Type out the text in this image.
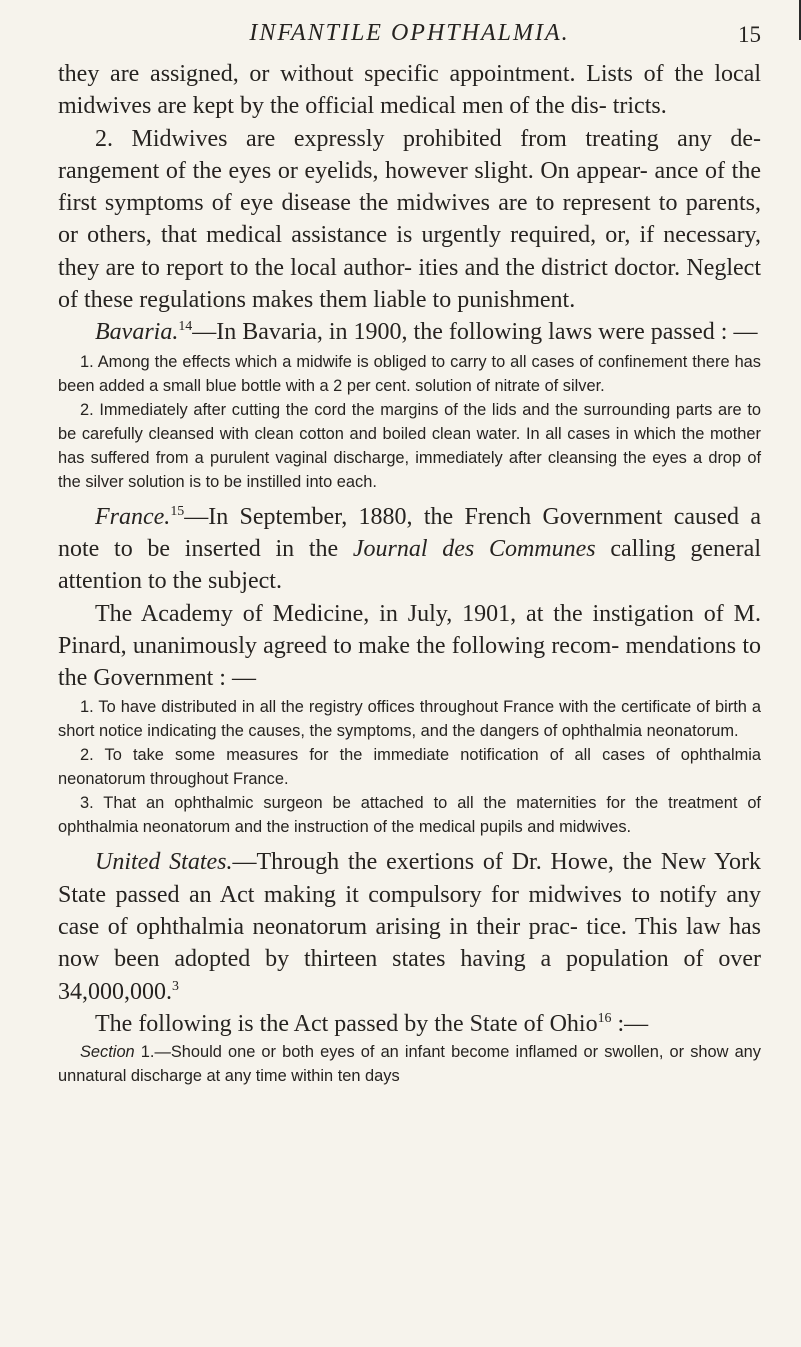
INFANTILE OPHTHALMIA.	15

they are assigned, or without specific appointment. Lists of the local midwives are kept by the official medical men of the dis- tricts.

2. Midwives are expressly prohibited from treating any de- rangement of the eyes or eyelids, however slight. On appear- ance of the first symptoms of eye disease the midwives are to represent to parents, or others, that medical assistance is urgently required, or, if necessary, they are to report to the local author- ities and the district doctor. Neglect of these regulations makes them liable to punishment.

Bavaria.$^{14}$—In Bavaria, in 1900, the following laws were passed : —

1. Among the effects which a midwife is obliged to carry to all cases of confinement there has been added a small blue bottle with a 2 per cent. solution of nitrate of silver.

2. Immediately after cutting the cord the margins of the lids and the surrounding parts are to be carefully cleansed with clean cotton and boiled clean water. In all cases in which the mother has suffered from a purulent vaginal discharge, immediately after cleansing the eyes a drop of the silver solution is to be instilled into each.

France.$^{15}$—In September, 1880, the French Government caused a note to be inserted in the Journal des Communes calling general attention to the subject.

The Academy of Medicine, in July, 1901, at the instigation of M. Pinard, unanimously agreed to make the following recom- mendations to the Government : —

1. To have distributed in all the registry offices throughout France with the certificate of birth a short notice indicating the causes, the symptoms, and the dangers of ophthalmia neonatorum.

2. To take some measures for the immediate notification of all cases of ophthalmia neonatorum throughout France.

3. That an ophthalmic surgeon be attached to all the maternities for the treatment of ophthalmia neonatorum and the instruction of the medical pupils and midwives.

United States.—Through the exertions of Dr. Howe, the New York State passed an Act making it compulsory for midwives to notify any case of ophthalmia neonatorum arising in their prac- tice. This law has now been adopted by thirteen states having a population of over 34,000,000.$^3$

The following is the Act passed by the State of Ohio$^{16}$ :—

Section 1.—Should one or both eyes of an infant become inflamed or swollen, or show any unnatural discharge at any time within ten days
